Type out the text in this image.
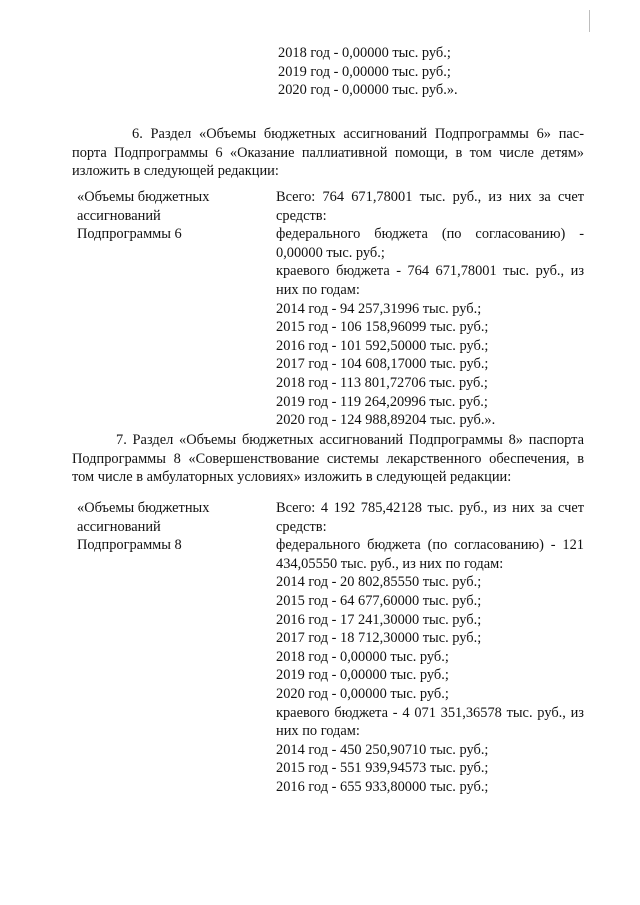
2018 год - 0,00000 тыс. руб.;
2019 год - 0,00000 тыс. руб.;
2020 год - 0,00000 тыс. руб.».
6. Раздел «Объемы бюджетных ассигнований Подпрограммы 6» пас-
порта Подпрограммы 6 «Оказание паллиативной помощи, в том числе детям»
изложить в следующей редакции:
«Объемы бюджетных
ассигнований
Подпрограммы 6
Всего: 764 671,78001 тыс. руб., из них за счет
средств:
федерального бюджета (по согласованию) -
0,00000 тыс. руб.;
краевого бюджета - 764 671,78001 тыс. руб., из
них по годам:
2014 год - 94 257,31996 тыс. руб.;
2015 год - 106 158,96099 тыс. руб.;
2016 год - 101 592,50000 тыс. руб.;
2017 год - 104 608,17000 тыс. руб.;
2018 год - 113 801,72706 тыс. руб.;
2019 год - 119 264,20996 тыс. руб.;
2020 год - 124 988,89204 тыс. руб.».
7. Раздел «Объемы бюджетных ассигнований Подпрограммы 8» паспорта
Подпрограммы 8 «Совершенствование системы лекарственного обеспечения, в
том числе в амбулаторных условиях» изложить в следующей редакции:
«Объемы бюджетных
ассигнований
Подпрограммы 8
Всего: 4 192 785,42128 тыс. руб., из них за счет
средств:
федерального бюджета (по согласованию) - 121
434,05550 тыс. руб., из них по годам:
2014 год - 20 802,85550 тыс. руб.;
2015 год - 64 677,60000 тыс. руб.;
2016 год - 17 241,30000 тыс. руб.;
2017 год - 18 712,30000 тыс. руб.;
2018 год - 0,00000 тыс. руб.;
2019 год - 0,00000 тыс. руб.;
2020 год - 0,00000 тыс. руб.;
краевого бюджета - 4 071 351,36578 тыс. руб., из
них по годам:
2014 год - 450 250,90710 тыс. руб.;
2015 год - 551 939,94573 тыс. руб.;
2016 год - 655 933,80000 тыс. руб.;
